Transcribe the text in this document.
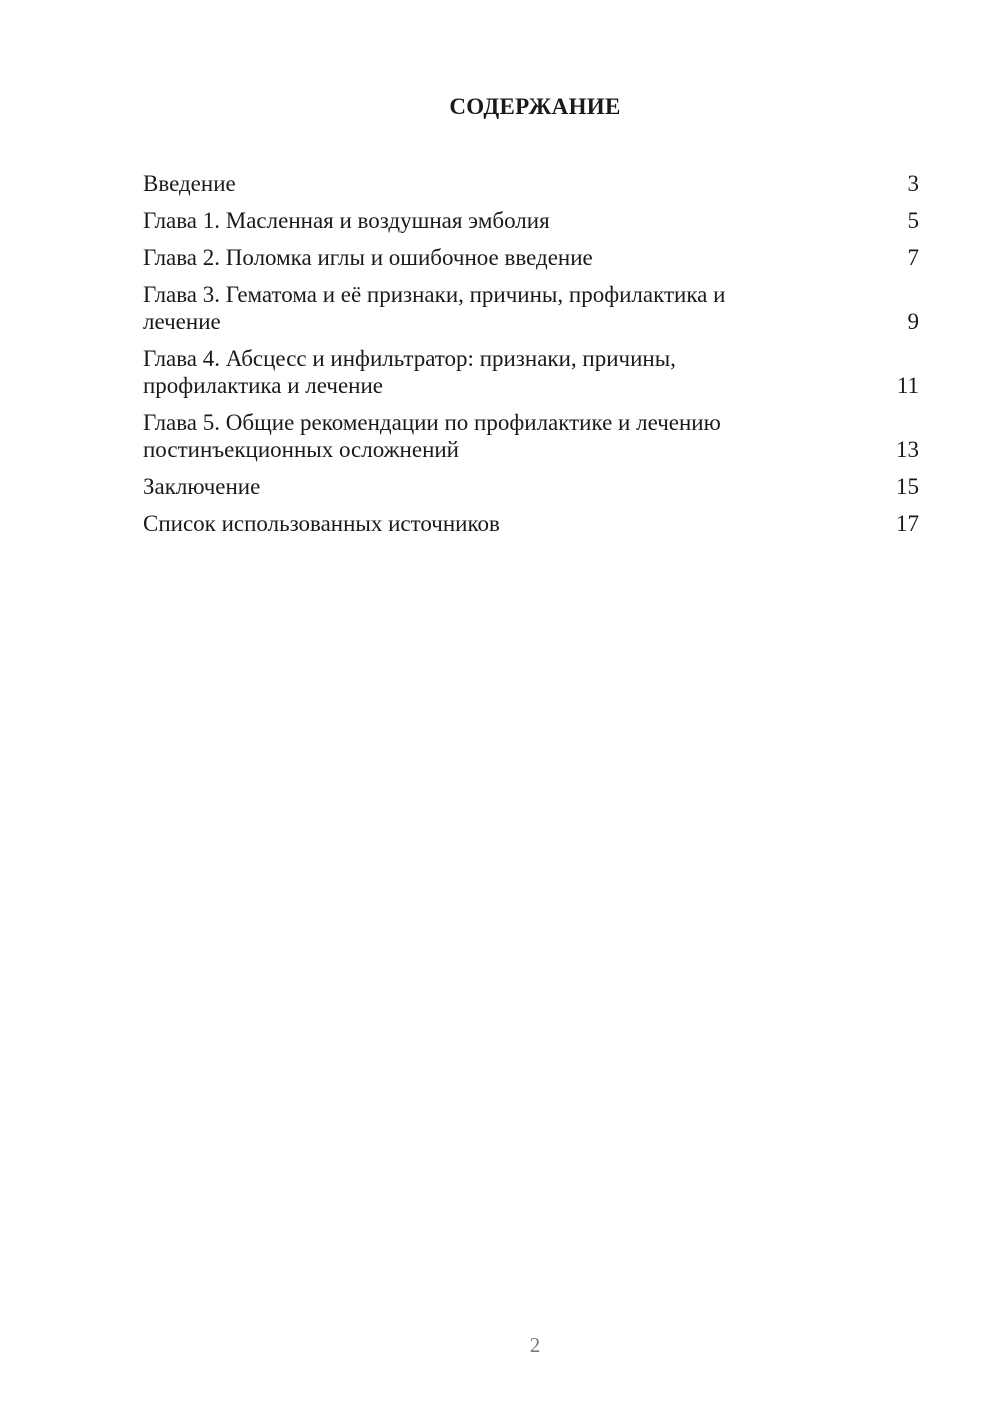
СОДЕРЖАНИЕ
Введение	3
Глава 1. Масленная и воздушная эмболия	5
Глава 2. Поломка иглы и ошибочное введение	7
Глава 3. Гематома и её признаки, причины, профилактика и
лечение	9
Глава 4. Абсцесс и инфильтратор: признаки, причины,
профилактика и лечение	11
Глава 5. Общие рекомендации по профилактике и лечению
постинъекционных осложнений	13
Заключение	15
Список использованных источников	17
2
